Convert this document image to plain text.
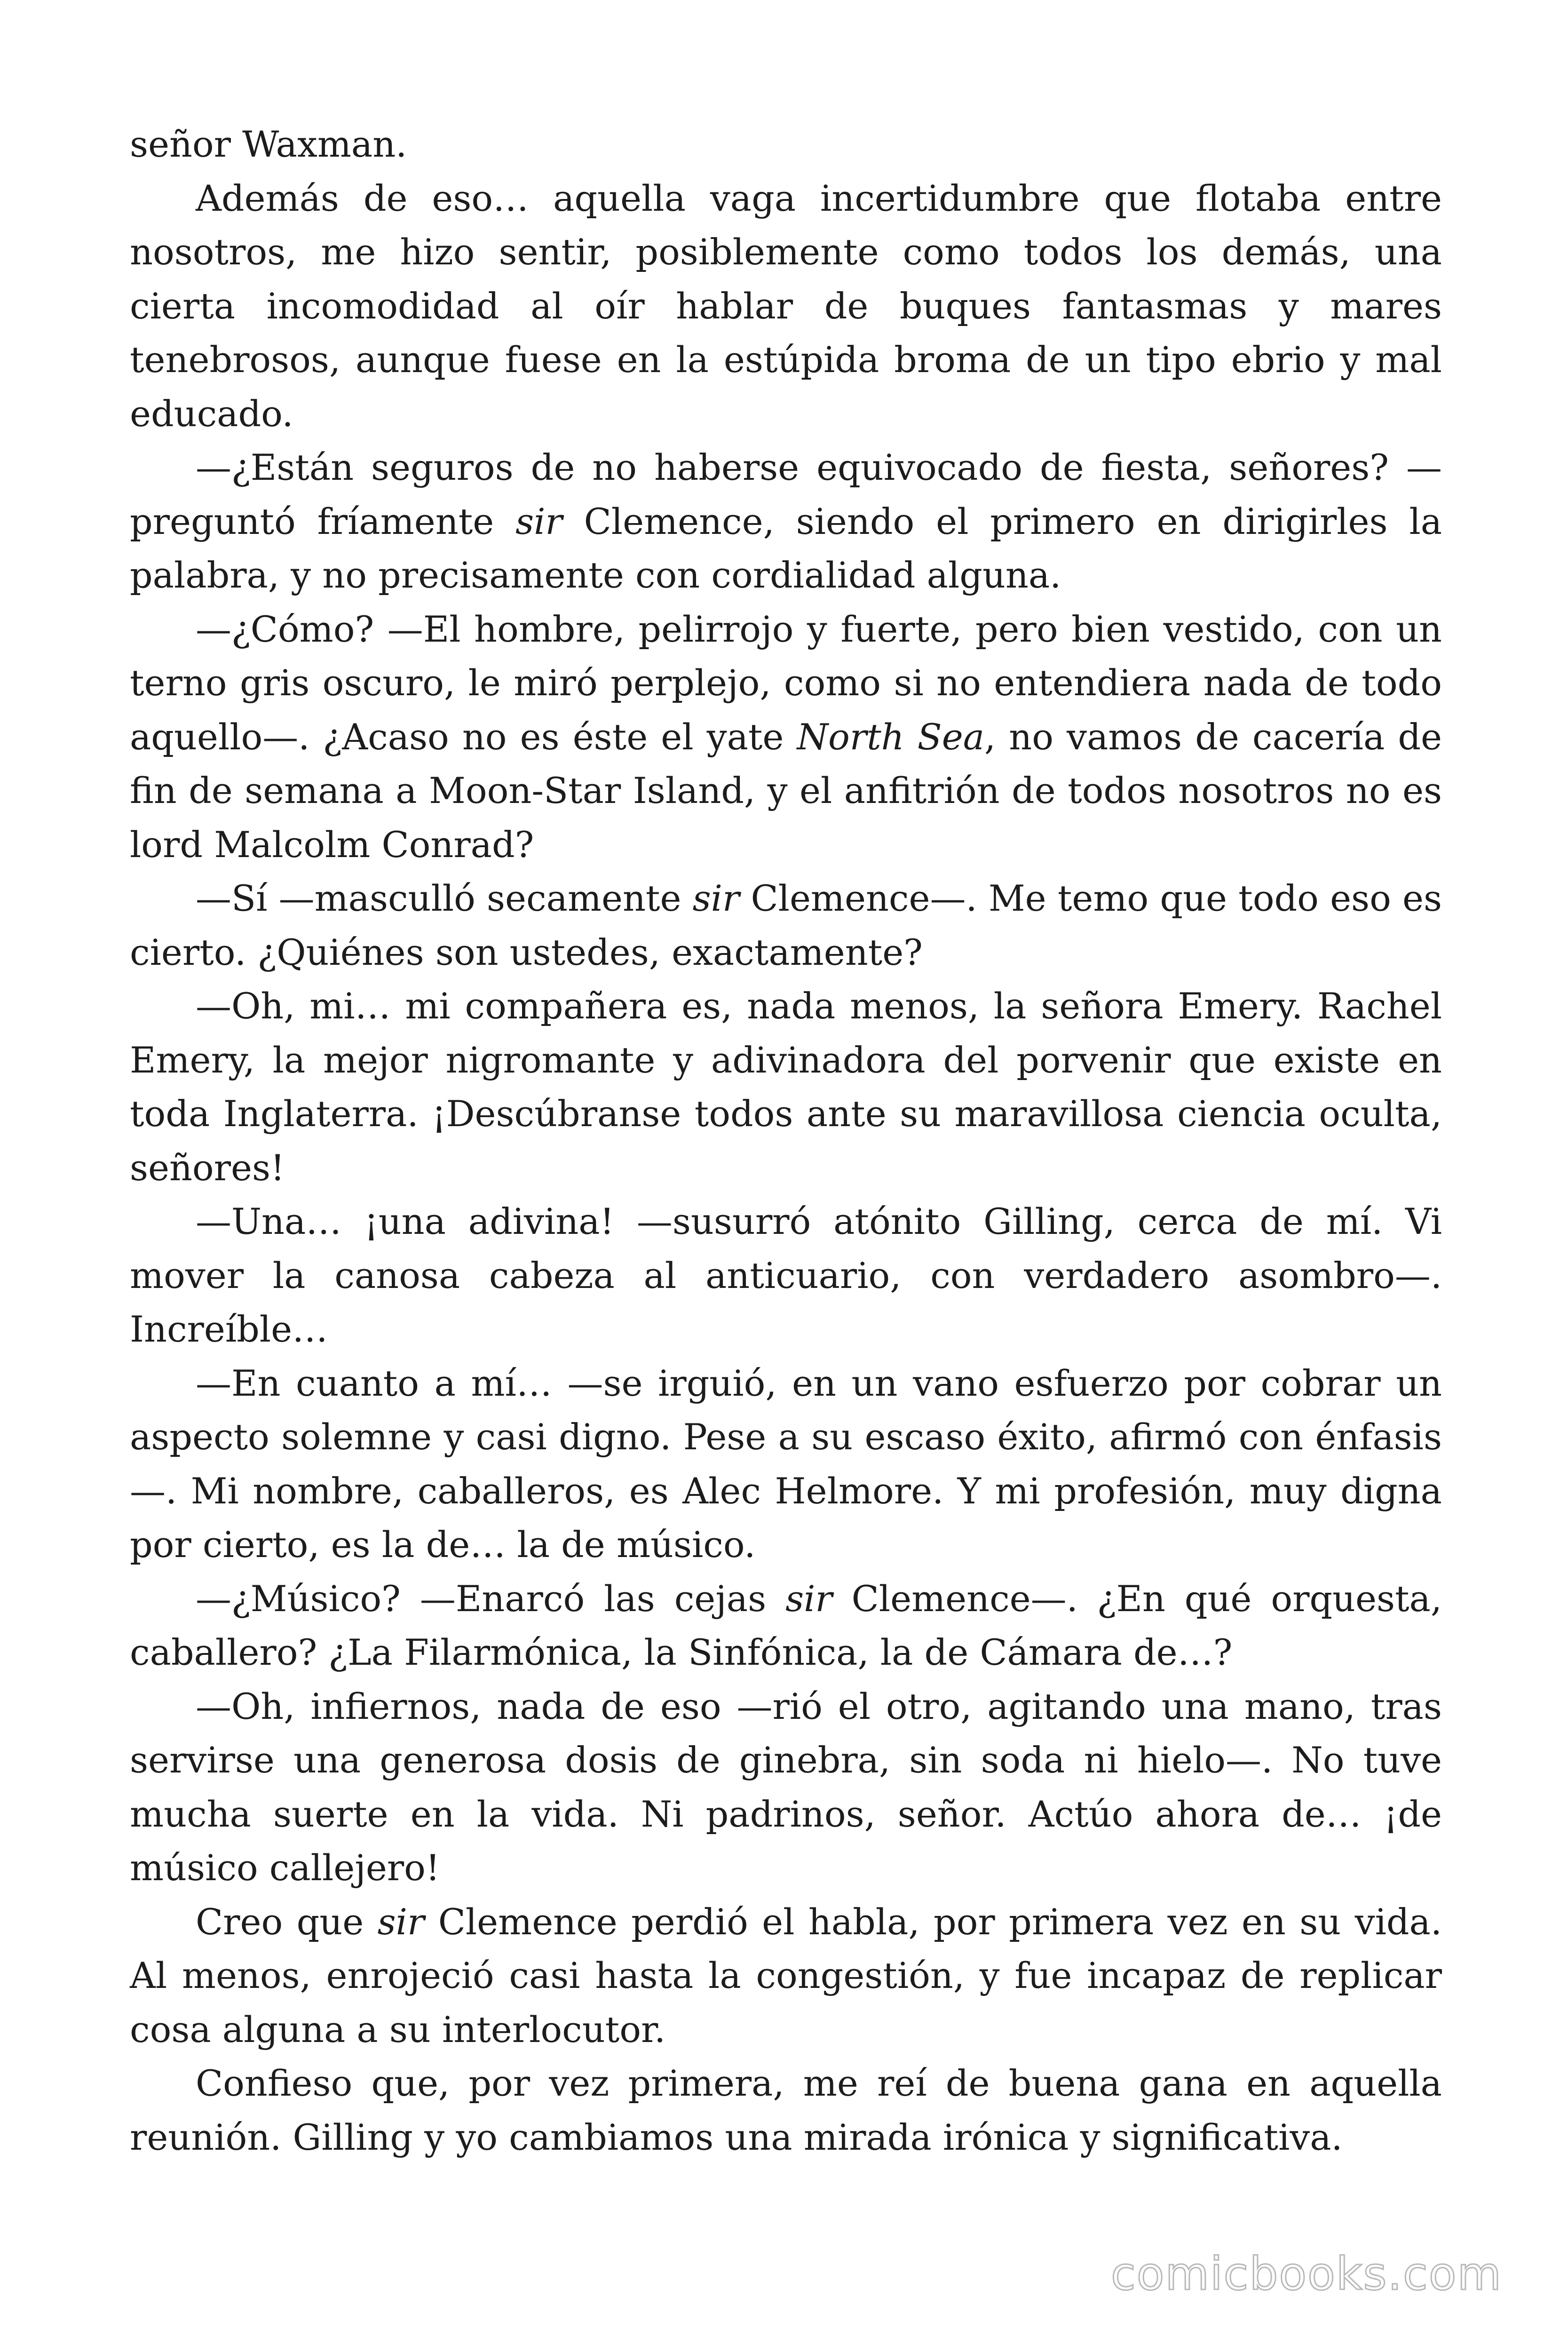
señor Waxman.

Además de eso… aquella vaga incertidumbre que flotaba entre nosotros, me hizo sentir, posiblemente como todos los demás, una cierta incomodidad al oír hablar de buques fantasmas y mares tenebrosos, aunque fuese en la estúpida broma de un tipo ebrio y mal educado.

—¿Están seguros de no haberse equivocado de fiesta, señores? —preguntó fríamente sir Clemence, siendo el primero en dirigirles la palabra, y no precisamente con cordialidad alguna.

—¿Cómo? —El hombre, pelirrojo y fuerte, pero bien vestido, con un terno gris oscuro, le miró perplejo, como si no entendiera nada de todo aquello—. ¿Acaso no es éste el yate North Sea, no vamos de cacería de fin de semana a Moon-Star Island, y el anfitrión de todos nosotros no es lord Malcolm Conrad?

—Sí —masculló secamente sir Clemence—. Me temo que todo eso es cierto. ¿Quiénes son ustedes, exactamente?

—Oh, mi… mi compañera es, nada menos, la señora Emery. Rachel Emery, la mejor nigromante y adivinadora del porvenir que existe en toda Inglaterra. ¡Descúbranse todos ante su maravillosa ciencia oculta, señores!

—Una… ¡una adivina! —susurró atónito Gilling, cerca de mí. Vi mover la canosa cabeza al anticuario, con verdadero asombro—. Increíble…

—En cuanto a mí… —se irguió, en un vano esfuerzo por cobrar un aspecto solemne y casi digno. Pese a su escaso éxito, afirmó con énfasis—. Mi nombre, caballeros, es Alec Helmore. Y mi profesión, muy digna por cierto, es la de… la de músico.

—¿Músico? —Enarcó las cejas sir Clemence—. ¿En qué orquesta, caballero? ¿La Filarmónica, la Sinfónica, la de Cámara de…?

—Oh, infiernos, nada de eso —rió el otro, agitando una mano, tras servirse una generosa dosis de ginebra, sin soda ni hielo—. No tuve mucha suerte en la vida. Ni padrinos, señor. Actúo ahora de… ¡de músico callejero!

Creo que sir Clemence perdió el habla, por primera vez en su vida. Al menos, enrojeció casi hasta la congestión, y fue incapaz de replicar cosa alguna a su interlocutor.

Confieso que, por vez primera, me reí de buena gana en aquella reunión. Gilling y yo cambiamos una mirada irónica y significativa.

comicbooks.com
